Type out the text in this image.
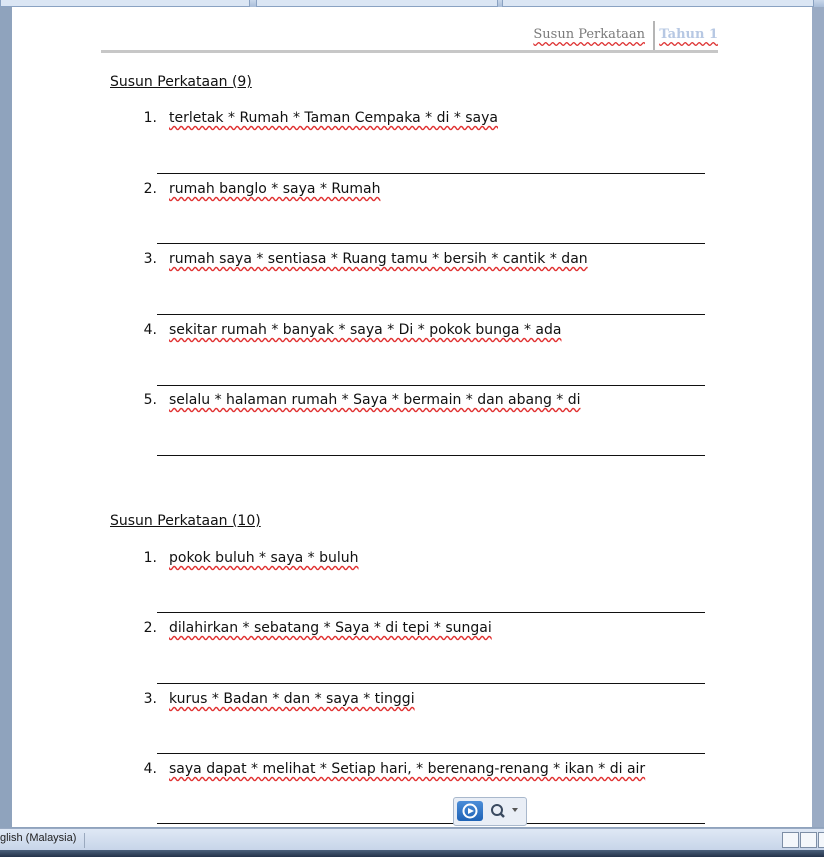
Susun Perkataan Tahun 1
Susun Perkataan (9)
1. terletak * Rumah * Taman Cempaka * di * saya
2. rumah banglo * saya * Rumah
3. rumah saya * sentiasa * Ruang tamu * bersih * cantik * dan
4. sekitar rumah * banyak * saya * Di * pokok bunga * ada
5. selalu * halaman rumah * Saya * bermain * dan abang * di
Susun Perkataan (10)
1. pokok buluh * saya * buluh
2. dilahirkan * sebatang * Saya * di tepi * sungai
3. kurus * Badan * dan * saya * tinggi
4. saya dapat * melihat * Setiap hari, * berenang-renang * ikan * di air
glish (Malaysia)
